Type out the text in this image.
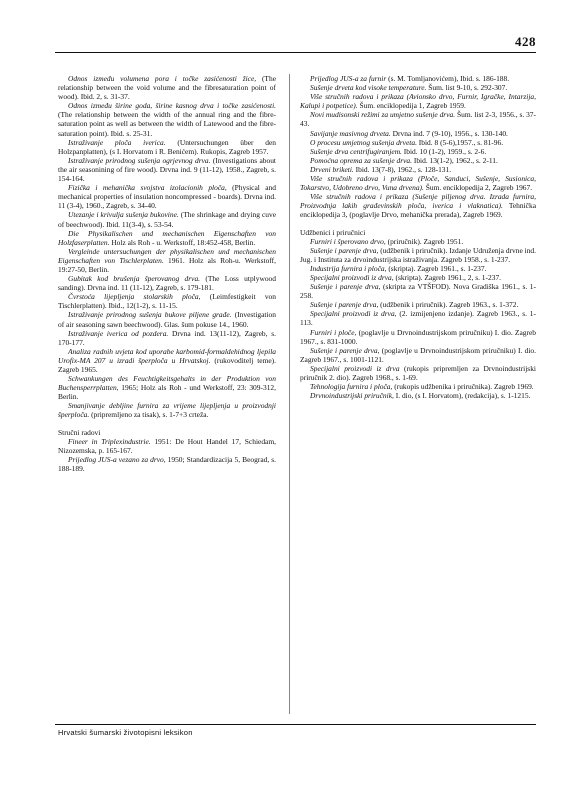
428

Odnos između volumena pora i točke zasićenosti žice, (The relationship between the void volume and the fibresaturation point of wood). Ibid. 2, s. 31-37.

Odnos između širine goda, širine kasnog drva i točke zasićenosti. (The relationship between the width of the annual ring and the fibre-saturation point as well as between the width of Latewood and the fibre-saturation point). Ibid. s. 25-31.

Istraživanje ploča iverica. (Untersuchungen über den Holzpanplatten), (s I. Horvatom i R. Benićem). Rukopis, Zagreb 1957.

Istraživanje prirodnog sušenja ogrjevnog drva. (Investigations about the air seasonining of fire wood). Drvna ind. 9 (11-12), 1958., Zagreb, s. 154-164.

Fizička i mehanička svojstva izolacionih ploča, (Physical and mechanical properties of insulation noncompressed - boards). Drvna ind. 11 (3-4), 1960., Zagreb, s. 34-40.

Utezanje i krivulja sušenja bukovine. (The shrinkage and drying cuve of beechwood). Ibid. 11(3-4), s. 53-54.

Die Physikalischen und mechanischen Eigenschaften von Holzfaserplatten. Holz als Roh - u. Werkstoff, 18:452-458, Berlin.

Vergleinde untersuchungen der physikalischen und mechanischen Eigenschaften von Tischlerplaten. 1961. Holz als Roh-u. Werkstoff, 19:27-50, Berlin.

Gubitak kod brušenja šperovanog drva. (The Loss utplywood sanding). Drvna ind. 11 (11-12), Zagreb, s. 179-181.

Čvrstoća lijepljenja stolarskih ploča, (Leimfestigkeit von Tischlerplatten). Ibid., 12(1-2), s. 11-15.

Istraživanje prirodnog sušenja bukove piljene građe. (Investigation of air seasoning sawn beechwood). Glas. šum pokuse 14., 1960.

Istraživanje iverica od pozdera. Drvna ind. 13(11-12), Zagreb, s. 170-177.

Analiza radnih uvjeta kod uporabe karbomid-formaldehidnog ljepila Urofix-MA 207 u izradi šperploča u Hrvatskoj. (rukovoditelj teme). Zagreb 1965.

Schwankungen des Feuchtigkeitsgehalts in der Produktion von Buchensperrplatten, 1965; Holz als Roh - und Werkstoff, 23: 309-312, Berlin.

Smanjivanje debljine furnira za vrijeme lijepljenja u proizvodnji šperploča. (pripremljeno za tisak), s. 1-7+3 crteža.

Stručni radovi

Fineer in Triplexindustrie. 1951: De Hout Handel 17, Schiedam, Nizozemska, p. 165-167.

Prijedlog JUS-a vezano za drvo, 1950; Standardizacija 5, Beograd, s. 188-189.

Prijedlog JUS-a za furnir (s. M. Tomljanovićem), Ibid. s. 186-188.

Sušenje drveta kod visoke temperature. Šum. list 9-10, s. 292-307.

Više stručnih radova i prikaza (Avionsko drvo, Furnir, Igračke, Intarzija, Kalupi i potpetice). Šum. enciklopedija 1, Zagreb 1959.

Novi mudisonski režimi za umjetno sušenje drva. Šum. list 2-3, 1956., s. 37-43.

Savijanje masivnog drveta. Drvna ind. 7 (9-10), 1956., s. 130-140.

O procesu umjetnog sušenja drveta. Ibid. 8 (5-6),1957., s. 81-96.

Sušenje drva centrifugiranjem. Ibid. 10 (1-2), 1959., s. 2-6.

Pomoćna oprema za sušenje drva. Ibid. 13(1-2), 1962., s. 2-11.

Drveni briketi. Ibid. 13(7-8), 1962., s. 128-131.

Više stručnih radova i prikaza (Ploče, Sanduci, Sušenje, Susionica, Tokarstvo, Udobreno drvo, Vuna drvena). Šum. enciklopedija 2, Zagreb 1967.

Više stručnih radova i prikaza (Sušenje piljenog drva. Izrada furnira, Proizvodnja lakih građevinskih ploča, iverica i vlaknatica). Tehnička enciklopedija 3, (poglavlje Drvo, mehanička prerada), Zagreb 1969.

Udžbenici i priručnici

Furniri i šperovano drvo, (priručnik). Zagreb 1951.

Sušenje i parenje drva, (udžbenik i priručnik). Izdanje Udruženja drvne ind. Jug. i Instituta za drvoindustrijska istraživanja. Zagreb 1958., s. 1-237.

Industrija furnira i ploča, (skripta). Zagreb 1961., s. 1-237.

Specijalni proizvodi iz drva, (skripta). Zagreb 1961., 2, s. 1-237.

Sušenje i parenje drva, (skripta za VTŠFOD). Nova Gradiška 1961., s. 1-258.

Sušenje i parenje drva, (udžbenik i priručnik). Zagreb 1963., s. 1-372.

Specijalni proizvodi iz drva, (2. izmijenjeno izdanje). Zagreb 1963., s. 1-113.

Furniri i ploče, (poglavlje u Drvnoindustrijskom priručniku) I. dio. Zagreb 1967., s. 831-1000.

Sušenje i parenje drva, (poglavlje u Drvnoindustrijskom priručniku) I. dio. Zagreb 1967., s. 1001-1121.

Specijalni proizvodi iz drva (rukopis pripremljen za Drvnoindustrijski priručnik 2. dio). Zagreb 1968., s. 1-69.

Tehnologija furnira i ploča, (rukopis udžbenika i priručnika). Zagreb 1969.

Drvnoindustrijski priručnik, I. dio, (s I. Horvatom), (redakcija), s. 1-1215.

Hrvatski šumarski životopisni leksikon
